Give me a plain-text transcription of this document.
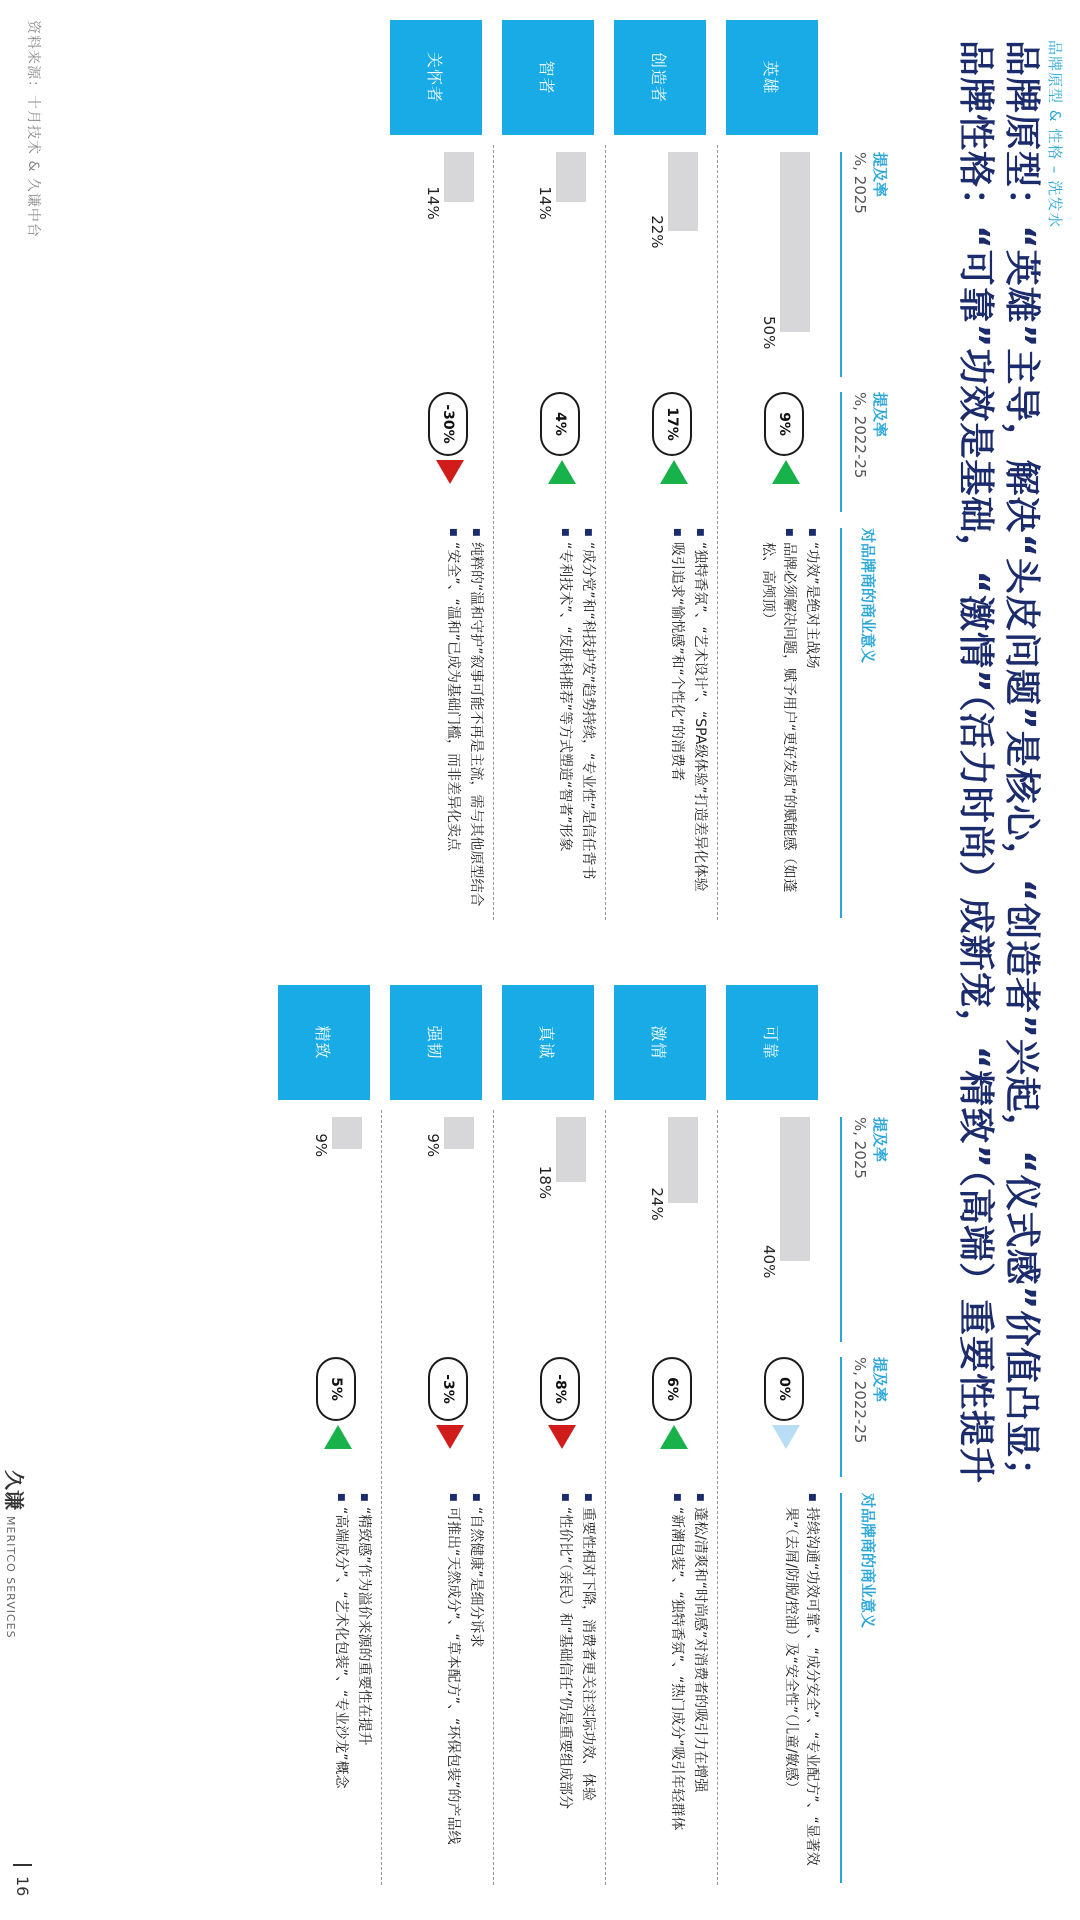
品牌原型 & 性格 – 洗发水
品牌原型：“英雄”主导，解决“头皮问题”是核心，“创造者”兴起，“仪式感”价值凸显；
品牌性格：“可靠”功效是基础，“激情”（活力时尚）成新宠，“精致”（高端）重要性提升
提及率
%, 2025
提及率
%, 2022-25
对品牌商的商业意义
英雄
50%
9%
■ “功效”是绝对主战场
■ 品牌必须解决问题，赋予用户“更好发质”的赋能感（如蓬松、高颅顶）
创造者
22%
17%
■ “独特香氛”、“艺术设计”、“SPA级体验”打造差异化体验
■ 吸引追求“愉悦感”和“个性化”的消费者
智者
14%
4%
■ “成分党”和“科技护发”趋势持续，“专业性”是信任背书
■ “专利技术”、“皮肤科推荐”等方式塑造“智者”形象
关怀者
14%
-30%
■ 纯粹的“温和守护”叙事可能不再是主流，需与其他原型结合
■ “安全”、“温和”已成为基础门槛，而非差异化卖点
提及率
%, 2025
提及率
%, 2022-25
对品牌商的商业意义
可靠
40%
0%
■ 持续沟通“功效可靠”、“成分安全”、“专业配方”、“显著效果”（去屑/防脱/控油）及“安全性”（儿童/敏感）
激情
24%
6%
■ 蓬松/清爽和“时尚感”对消费者的吸引力在增强
■ “新潮包装”、“独特香氛”、“热门成分”吸引年轻群体
真诚
18%
-8%
■ 重要性相对下降，消费者更关注实际功效、体验
■ “性价比”（亲民）和“基础信任”仍是重要组成部分
强韧
9%
-3%
■ “自然健康”是细分诉求
■ 可推出“天然成分”、“草本配方”、“环保包装”的产品线
精致
9%
5%
■ “精致感”作为溢价来源的重要性在提升
■ “高端成分”、“艺术化包装”、“专业沙龙”概念
资料来源：十月技术 & 久谦中台
久谦MERITCO SERVICES
16
